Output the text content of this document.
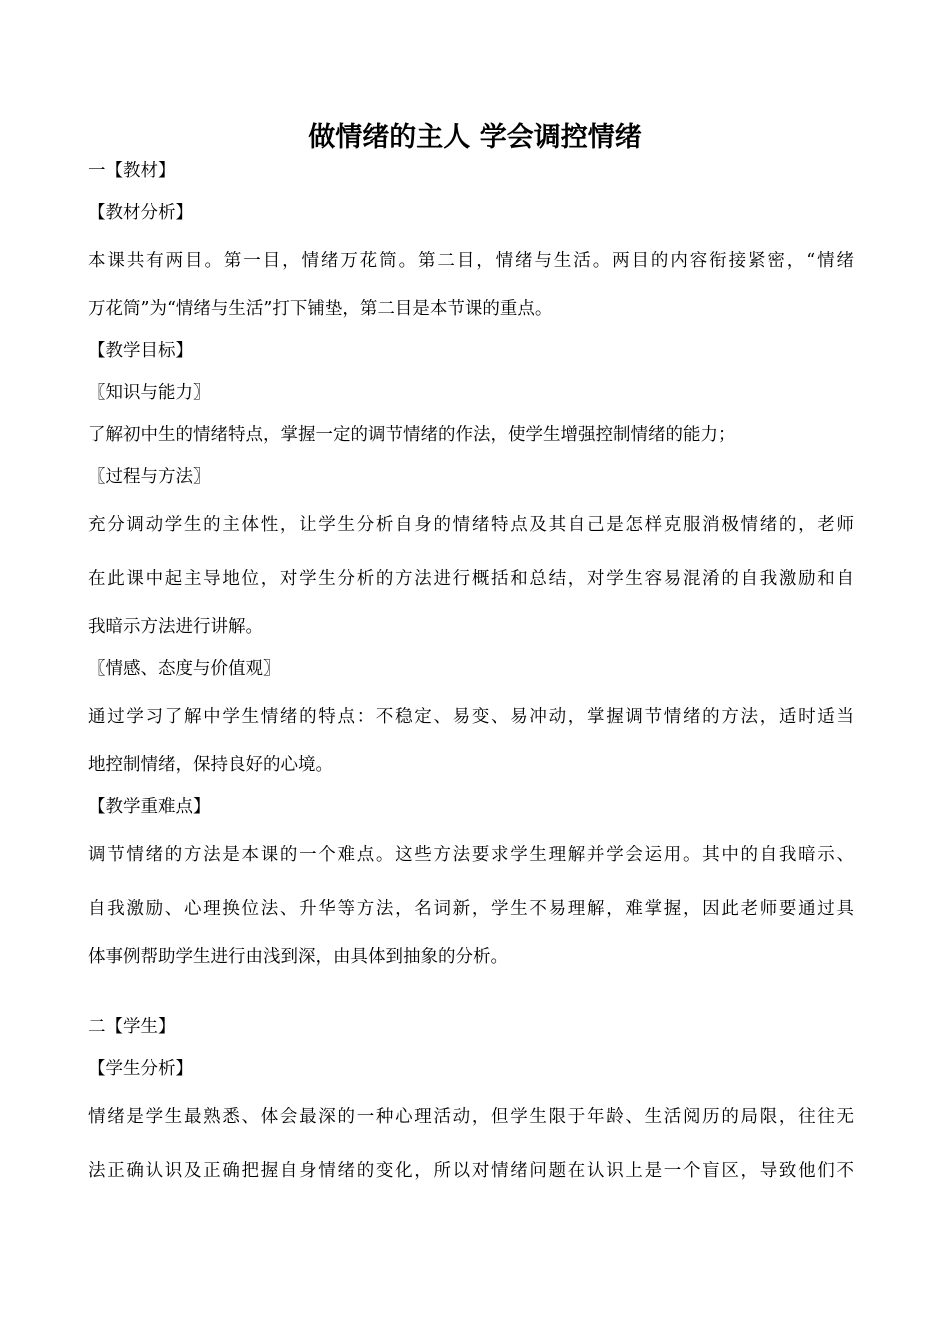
做情绪的主人 学会调控情绪

一【教材】

【教材分析】

本课共有两目。第一目，情绪万花筒。第二目，情绪与生活。两目的内容衔接紧密，“情绪

万花筒”为“情绪与生活”打下铺垫，第二目是本节课的重点。

【教学目标】

〖知识与能力〗

了解初中生的情绪特点，掌握一定的调节情绪的作法，使学生增强控制情绪的能力；

〖过程与方法〗

充分调动学生的主体性，让学生分析自身的情绪特点及其自己是怎样克服消极情绪的，老师

在此课中起主导地位，对学生分析的方法进行概括和总结，对学生容易混淆的自我激励和自

我暗示方法进行讲解。

〖情感、态度与价值观〗

通过学习了解中学生情绪的特点：不稳定、易变、易冲动，掌握调节情绪的方法，适时适当

地控制情绪，保持良好的心境。

【教学重难点】

调节情绪的方法是本课的一个难点。这些方法要求学生理解并学会运用。其中的自我暗示、

自我激励、心理换位法、升华等方法，名词新，学生不易理解，难掌握，因此老师要通过具

体事例帮助学生进行由浅到深，由具体到抽象的分析。

二【学生】

【学生分析】

情绪是学生最熟悉、体会最深的一种心理活动，但学生限于年龄、生活阅历的局限，往往无

法正确认识及正确把握自身情绪的变化，所以对情绪问题在认识上是一个盲区，导致他们不
